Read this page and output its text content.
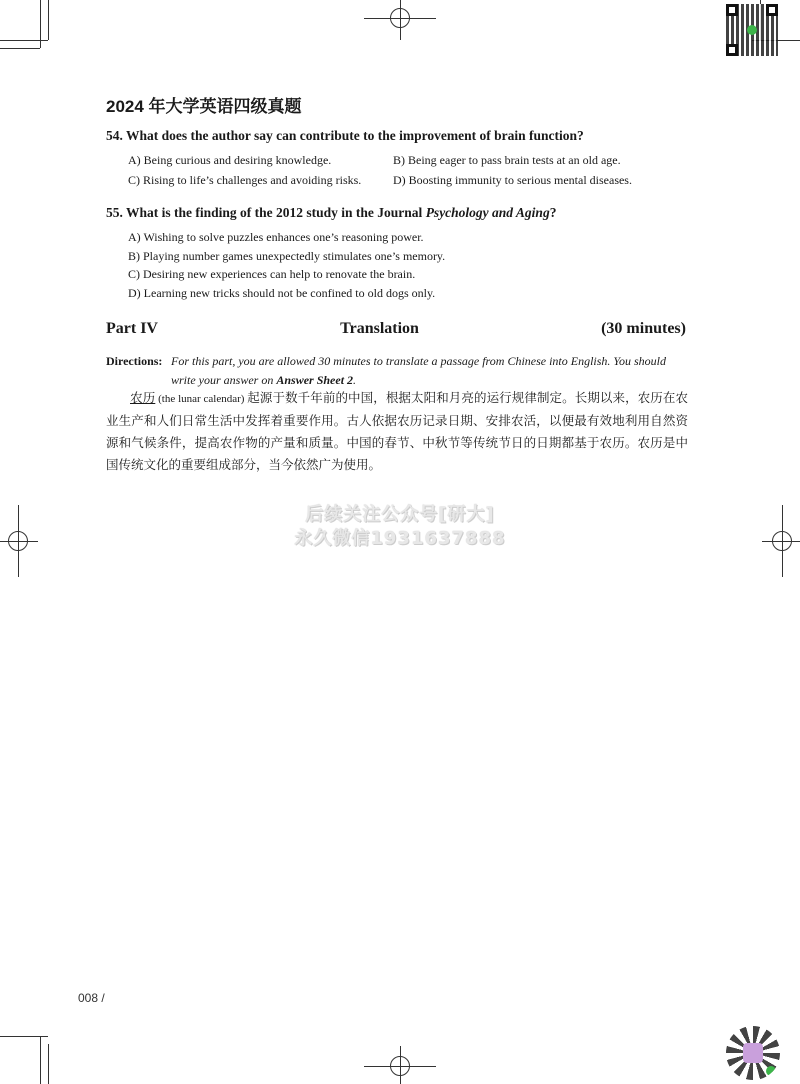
2024 年大学英语四级真题
54. What does the author say can contribute to the improvement of brain function?
A) Being curious and desiring knowledge.	B) Being eager to pass brain tests at an old age.
C) Rising to life’s challenges and avoiding risks.	D) Boosting immunity to serious mental diseases.
55. What is the finding of the 2012 study in the Journal Psychology and Aging?
A) Wishing to solve puzzles enhances one’s reasoning power.
B) Playing number games unexpectedly stimulates one’s memory.
C) Desiring new experiences can help to renovate the brain.
D) Learning new tricks should not be confined to old dogs only.
Part IV	Translation	(30 minutes)
Directions: For this part, you are allowed 30 minutes to translate a passage from Chinese into English. You should write your answer on Answer Sheet 2.
农历 (the lunar calendar) 起源于数千年前的中国，根据太阳和月亮的运行规律制定。长期以来，农历在农业生产和人们日常生活中发挥着重要作用。古人依据农历记录日期、安排农活，以便最有效地利用自然资源和气候条件，提高农作物的产量和质量。中国的春节、中秋节等传统节日的日期都基于农历。农历是中国传统文化的重要组成部分，当今依然广为使用。
后续关注公众号[研大]
永久微信19316378​88
008 /
